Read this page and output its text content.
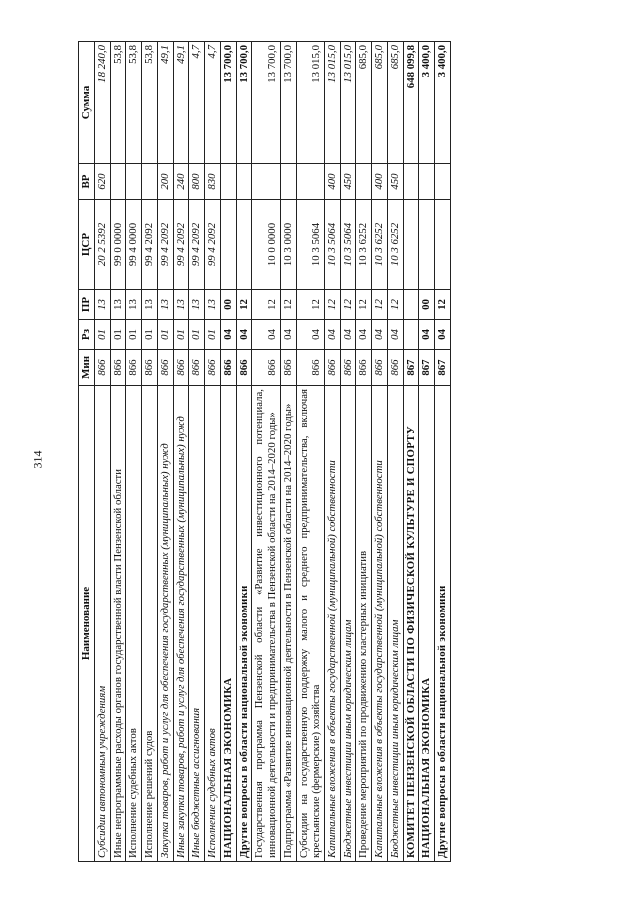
314
Наименование	Мин	Рз	ПР	ЦСР	ВР	Сумма
Субсидии автономным учреждениям	866	01	13	20 2 5392	620	18 240,0
Иные непрограммные расходы органов государственной власти Пензенской области	866	01	13	99 0 0000		53,8
Исполнение судебных актов	866	01	13	99 4 0000		53,8
Исполнение решений судов	866	01	13	99 4 2092		53,8
Закупка товаров, работ и услуг для обеспечения государственных (муниципальных) нужд	866	01	13	99 4 2092	200	49,1
Иные закупки товаров, работ и услуг для обеспечения государственных (муниципальных) нужд	866	01	13	99 4 2092	240	49,1
Иные бюджетные ассигнования	866	01	13	99 4 2092	800	4,7
Исполнение судебных актов	866	01	13	99 4 2092	830	4,7
НАЦИОНАЛЬНАЯ ЭКОНОМИКА	866	04	00			13 700,0
Другие вопросы в области национальной экономики	866	04	12			13 700,0
Государственная программа Пензенской области «Развитие инвестиционного потенциала, инновационной деятельности и предпринимательства в Пензенской области на 2014–2020 годы»	866	04	12	10 0 0000		13 700,0
Подпрограмма «Развитие инновационной деятельности в Пензенской области на 2014–2020 годы»	866	04	12	10 3 0000		13 700,0
Субсидии на государственную поддержку малого и среднего предпринимательства, включая крестьянские (фермерские) хозяйства	866	04	12	10 3 5064		13 015,0
Капитальные вложения в объекты государственной (муниципальной) собственности	866	04	12	10 3 5064	400	13 015,0
Бюджетные инвестиции иным юридическим лицам	866	04	12	10 3 5064	450	13 015,0
Проведение мероприятий по продвижению кластерных инициатив	866	04	12	10 3 6252		685,0
Капитальные вложения в объекты государственной (муниципальной) собственности	866	04	12	10 3 6252	400	685,0
Бюджетные инвестиции иным юридическим лицам	866	04	12	10 3 6252	450	685,0
КОМИТЕТ ПЕНЗЕНСКОЙ ОБЛАСТИ ПО ФИЗИЧЕСКОЙ КУЛЬТУРЕ И СПОРТУ	867					648 099,8
НАЦИОНАЛЬНАЯ ЭКОНОМИКА	867	04	00			3 400,0
Другие вопросы в области национальной экономики	867	04	12			3 400,0
